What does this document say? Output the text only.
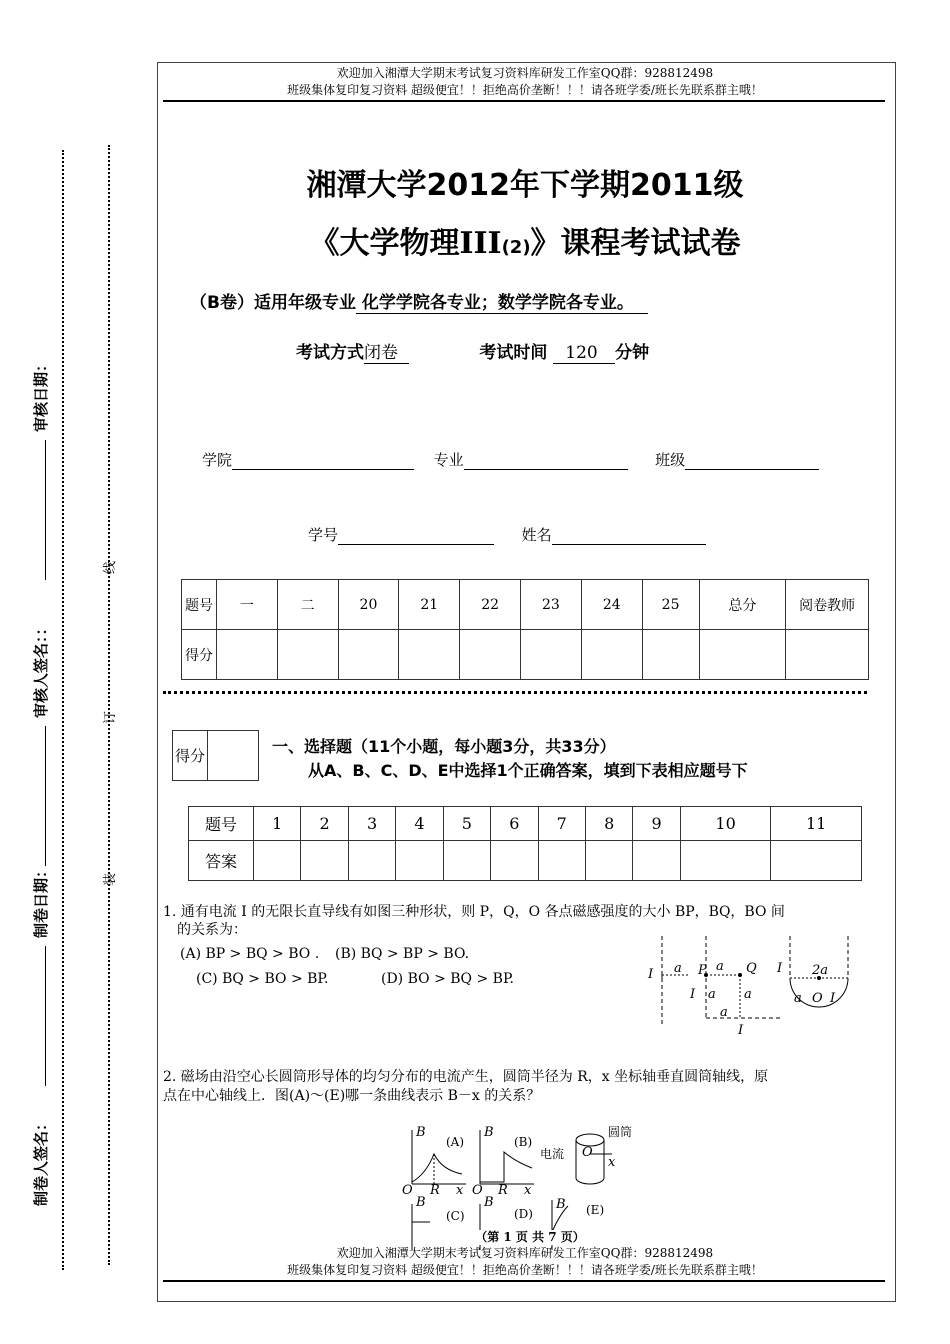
欢迎加入湘潭大学期末考试复习资料库研发工作室QQ群：928812498
班级集体复印复习资料 超级便宜！！拒绝高价垄断！！！请各班学委/班长先联系群主哦！
审核日期：
审核人签名：：
制卷日期：
制卷人签名：
线
订
装
湘潭大学2012年下学期2011级
《大学物理III(2)》课程考试试卷
（B卷）适用年级专业 化学学院各专业；数学学院各专业。
考试方式闭卷	考试时间 120 分钟
学院	专业	班级
学号	姓名
题号	一	二	20	21	22	23	24	25	总分	阅卷教师
得分										
得分		一、选择题（11个小题，每小题3分，共33分）
从A、B、C、D、E中选择1个正确答案，填到下表相应题号下
题号	1	2	3	4	5	6	7	8	9	10	11
答案											
1. 通有电流 I 的无限长直导线有如图三种形状，则 P，Q，O 各点磁感强度的大小 BP，BQ，BO 间
的关系为：
(A) BP > BQ > BO . (B) BQ > BP > BO.
(C) BQ > BO > BP.	(D) BO > BQ > BP.	I a P a Q
I a a
a
I
I 2a
a O I
2. 磁场由沿空心长圆筒形导体的均匀分布的电流产生，圆筒半径为 R，x 坐标轴垂直圆筒轴线，原
点在中心轴线上．图(A)～(E)哪一条曲线表示 B－x 的关系？
B
(A)
O R x
B
(B)
O R x
电流
圆筒
O
x
B
(C)
B
(D)
B (E)
（第 1 页 共 7 页）
欢迎加入湘潭大学期末考试复习资料库研发工作室QQ群：928812498
班级集体复印复习资料 超级便宜！！拒绝高价垄断！！！请各班学委/班长先联系群主哦！
